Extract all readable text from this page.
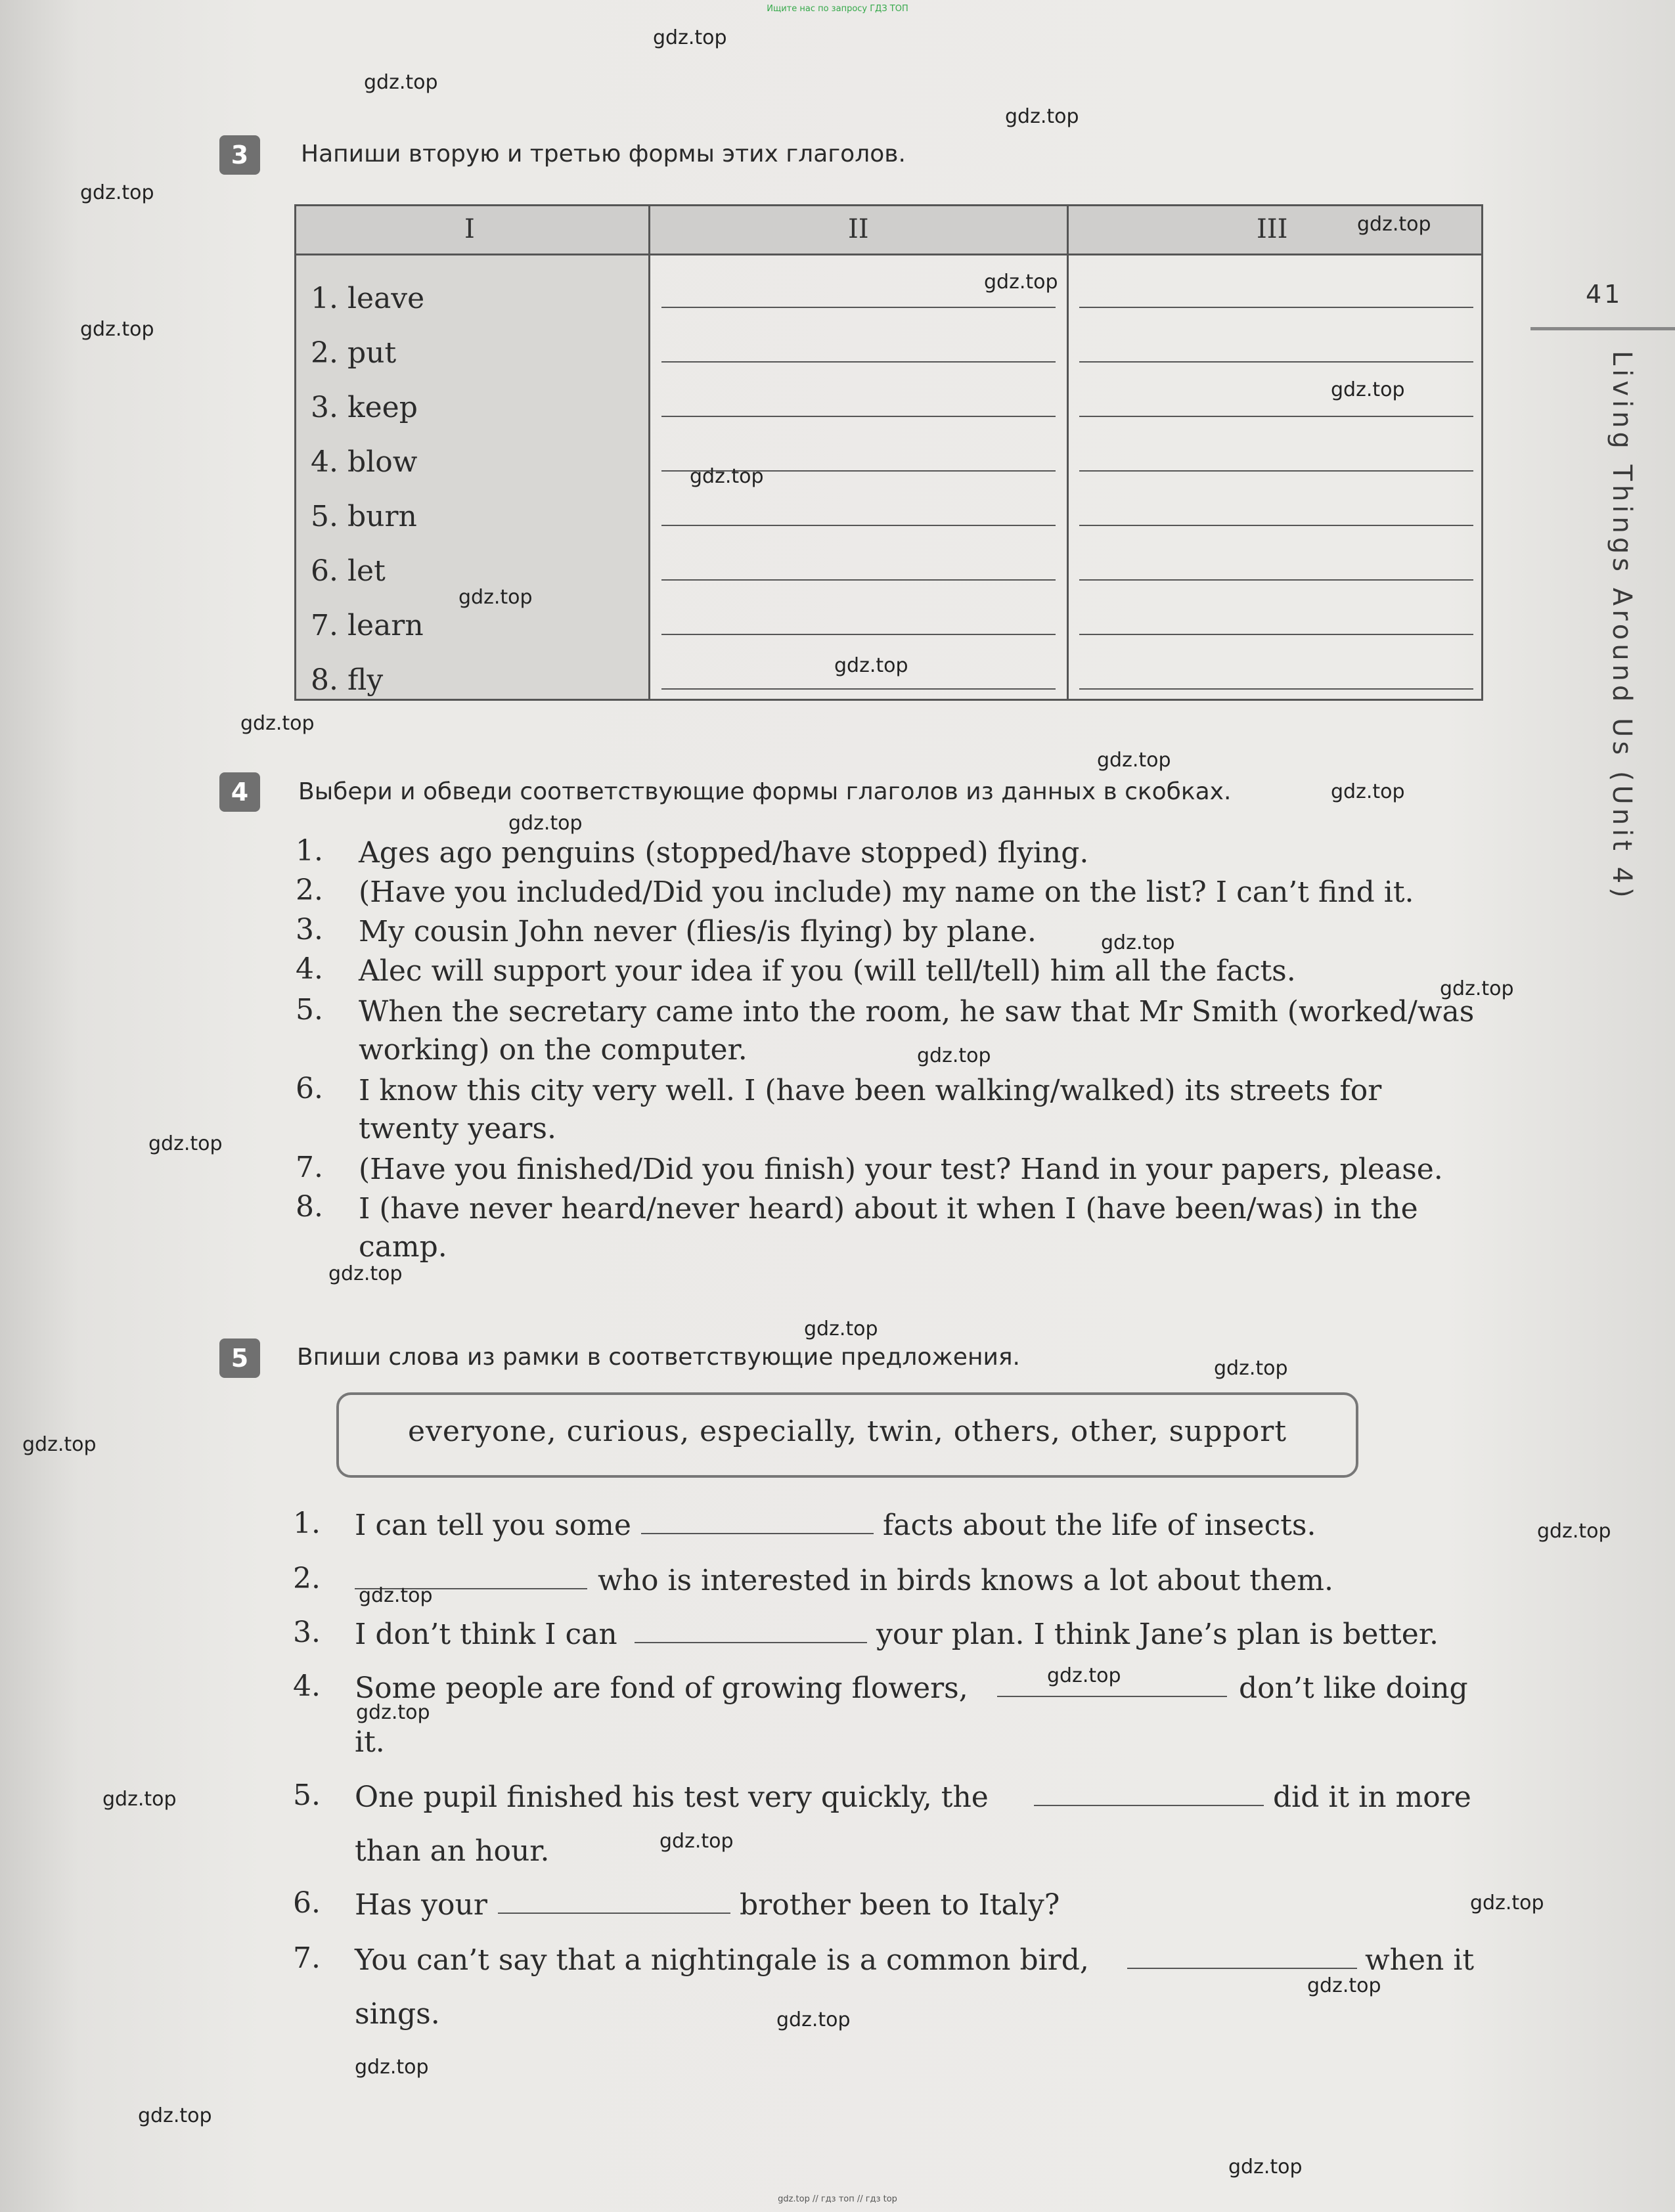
Ищите нас по запросу ГДЗ ТОП
41
Living Things Around Us (Unit 4)
3	Напиши вторую и третью формы этих глаголов.
I	II	III
1. leave
2. put
3. keep
4. blow
5. burn
6. let
7. learn
8. fly
4	Выбери и обведи соответствующие формы глаголов из данных в скобках.
1. Ages ago penguins (stopped/have stopped) flying.
2. (Have you included/Did you include) my name on the list? I can’t find it.
3. My cousin John never (flies/is flying) by plane.
4. Alec will support your idea if you (will tell/tell) him all the facts.
5. When the secretary came into the room, he saw that Mr Smith (worked/was
working) on the computer.
6. I know this city very well. I (have been walking/walked) its streets for
twenty years.
7. (Have you finished/Did you finish) your test? Hand in your papers, please.
8. I (have never heard/never heard) about it when I (have been/was) in the
camp.
5	Впиши слова из рамки в соответствующие предложения.
everyone, curious, especially, twin, others, other, support
1. I can tell you some	facts about the life of insects.
2.	who is interested in birds knows a lot about them.
3. I don’t think I can	your plan. I think Jane’s plan is better.
4. Some people are fond of growing flowers,	don’t like doing
it.
5. One pupil finished his test very quickly, the	did it in more
than an hour.
6. Has your	brother been to Italy?
7. You can’t say that a nightingale is a common bird,	when it
sings.
gdz.top
gdz.top
gdz.top
gdz.top
gdz.top
gdz.top
gdz.top
gdz.top
gdz.top
gdz.top
gdz.top
gdz.top
gdz.top
gdz.top
gdz.top
gdz.top
gdz.top
gdz.top
gdz.top
gdz.top
gdz.top
gdz.top
gdz.top
gdz.top
gdz.top
gdz.top
gdz.top
gdz.top
gdz.top
gdz.top
gdz.top
gdz.top
gdz.top
gdz.top
gdz.top
gdz.top // гдз топ // гдз top
